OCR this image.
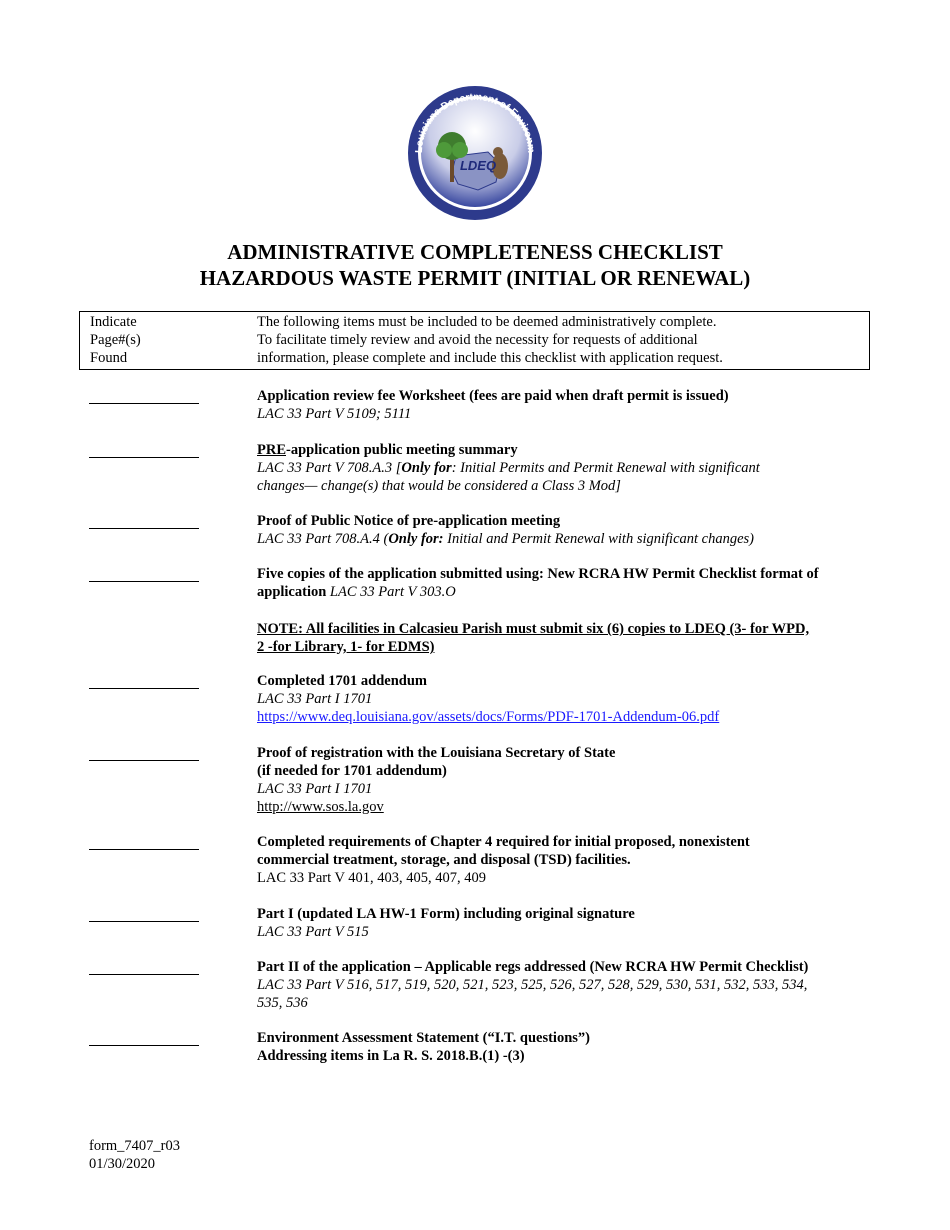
Louisiana Department of Environm
LDEQ
ADMINISTRATIVE COMPLETENESS CHECKLIST
HAZARDOUS WASTE PERMIT (INITIAL OR RENEWAL)
Indicate
Page#(s)
Found
The following items must be included to be deemed administratively complete.
To facilitate timely review and avoid the necessity for requests of additional
information, please complete and include this checklist with application request.
Application review fee Worksheet (fees are paid when draft permit is issued)
LAC 33 Part V 5109; 5111
PRE-application public meeting summary
LAC 33 Part V 708.A.3 [Only for: Initial Permits and Permit Renewal with significant
changes— change(s) that would be considered a Class 3 Mod]
Proof of Public Notice of pre-application meeting
LAC 33 Part 708.A.4 (Only for: Initial and Permit Renewal with significant changes)
Five copies of the application submitted using: New RCRA HW Permit Checklist format of
application LAC 33 Part V 303.O
NOTE: All facilities in Calcasieu Parish must submit six (6) copies to LDEQ (3- for WPD,
2 -for Library, 1- for EDMS)
Completed 1701 addendum
LAC 33 Part I 1701
https://www.deq.louisiana.gov/assets/docs/Forms/PDF-1701-Addendum-06.pdf
Proof of registration with the Louisiana Secretary of State
(if needed for 1701 addendum)
LAC 33 Part I 1701
http://www.sos.la.gov
Completed requirements of Chapter 4 required for initial proposed, nonexistent
commercial treatment, storage, and disposal (TSD) facilities.
LAC 33 Part V 401, 403, 405, 407, 409
Part I (updated LA HW-1 Form) including original signature
LAC 33 Part V 515
Part II of the application – Applicable regs addressed (New RCRA HW Permit Checklist)
LAC 33 Part V 516, 517, 519, 520, 521, 523, 525, 526, 527, 528, 529, 530, 531, 532, 533, 534,
535, 536
Environment Assessment Statement (“I.T. questions”)
Addressing items in La R. S. 2018.B.(1) -(3)
form_7407_r03
01/30/2020
